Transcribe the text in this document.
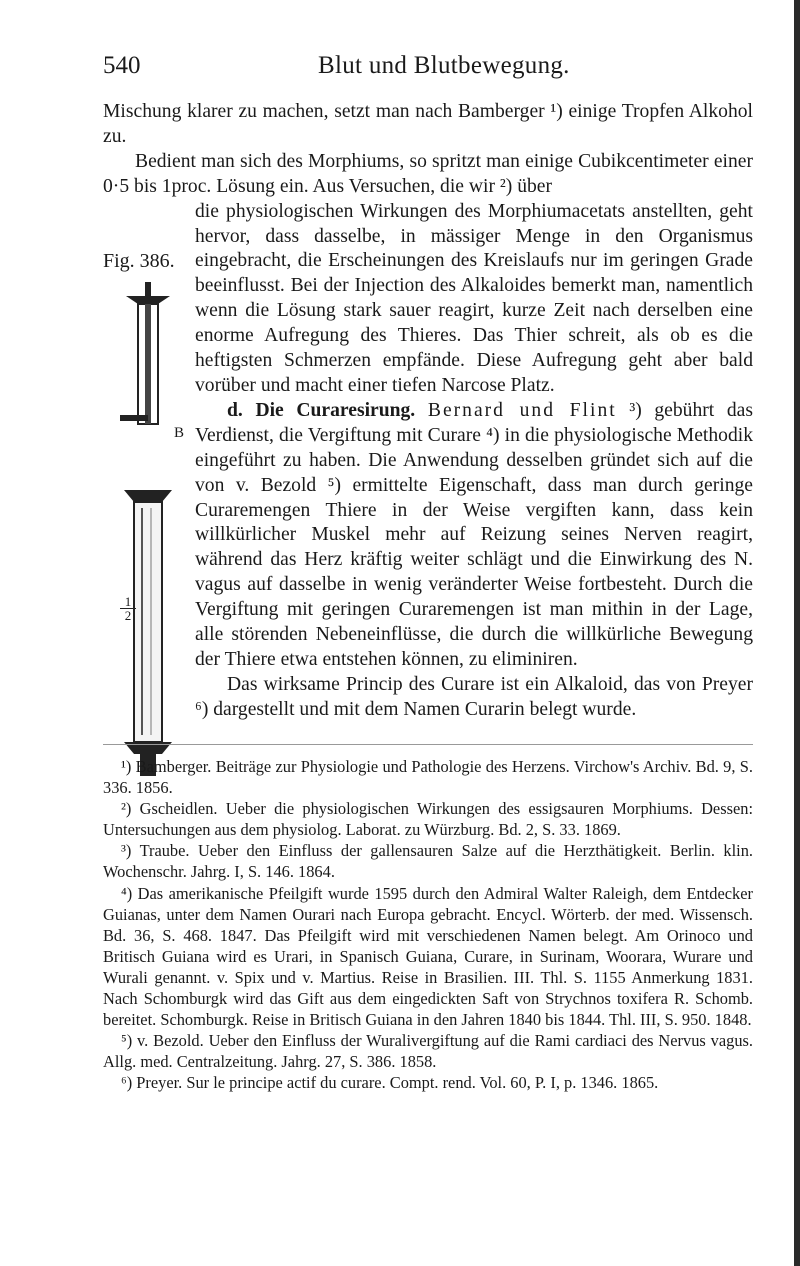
540	Blut und Blutbewegung.
Fig. 386.
B
$\frac{1}{2}$

Mischung klarer zu machen, setzt man nach Bamberger ¹) einige Tropfen Alkohol zu.

Bedient man sich des Morphiums, so spritzt man einige Cubikcentimeter einer 0·5 bis 1proc. Lösung ein. Aus Versuchen, die wir ²) über

die physiologischen Wirkungen des Morphiumacetats anstellten, geht hervor, dass dasselbe, in mässiger Menge in den Organismus eingebracht, die Erscheinungen des Kreislaufs nur im geringen Grade beeinflusst. Bei der Injection des Alkaloides bemerkt man, namentlich wenn die Lösung stark sauer reagirt, kurze Zeit nach derselben eine enorme Aufregung des Thieres. Das Thier schreit, als ob es die heftigsten Schmerzen empfände. Diese Aufregung geht aber bald vorüber und macht einer tiefen Narcose Platz.

d. Die Curaresirung. Bernard und Flint ³) gebührt das Verdienst, die Vergiftung mit Curare ⁴) in die physiologische Methodik eingeführt zu haben. Die Anwendung desselben gründet sich auf die von v. Bezold ⁵) ermittelte Eigenschaft, dass man durch geringe Curaremengen Thiere in der Weise vergiften kann, dass kein willkürlicher Muskel mehr auf Reizung seines Nerven reagirt, während das Herz kräftig weiter schlägt und die Einwirkung des N. vagus auf dasselbe in wenig veränderter Weise fortbesteht. Durch die Vergiftung mit geringen Curaremengen ist man mithin in der Lage, alle störenden Nebeneinflüsse, die durch die willkürliche Bewegung der Thiere etwa entstehen können, zu eliminiren.

Das wirksame Princip des Curare ist ein Alkaloid, das von Preyer ⁶) dargestellt und mit dem Namen Curarin belegt wurde.

¹) Bamberger. Beiträge zur Physiologie und Pathologie des Herzens. Virchow's Archiv. Bd. 9, S. 336. 1856.

²) Gscheidlen. Ueber die physiologischen Wirkungen des essigsauren Morphiums. Dessen: Untersuchungen aus dem physiolog. Laborat. zu Würzburg. Bd. 2, S. 33. 1869.

³) Traube. Ueber den Einfluss der gallensauren Salze auf die Herzthätigkeit. Berlin. klin. Wochenschr. Jahrg. I, S. 146. 1864.

⁴) Das amerikanische Pfeilgift wurde 1595 durch den Admiral Walter Raleigh, dem Entdecker Guianas, unter dem Namen Ourari nach Europa gebracht. Encycl. Wörterb. der med. Wissensch. Bd. 36, S. 468. 1847. Das Pfeilgift wird mit verschiedenen Namen belegt. Am Orinoco und Britisch Guiana wird es Urari, in Spanisch Guiana, Curare, in Surinam, Woorara, Wurare und Wurali genannt. v. Spix und v. Martius. Reise in Brasilien. III. Thl. S. 1155 Anmerkung 1831. Nach Schomburgk wird das Gift aus dem eingedickten Saft von Strychnos toxifera R. Schomb. bereitet. Schomburgk. Reise in Britisch Guiana in den Jahren 1840 bis 1844. Thl. III, S. 950. 1848.

⁵) v. Bezold. Ueber den Einfluss der Wuralivergiftung auf die Rami cardiaci des Nervus vagus. Allg. med. Centralzeitung. Jahrg. 27, S. 386. 1858.

⁶) Preyer. Sur le principe actif du curare. Compt. rend. Vol. 60, P. I, p. 1346. 1865.
